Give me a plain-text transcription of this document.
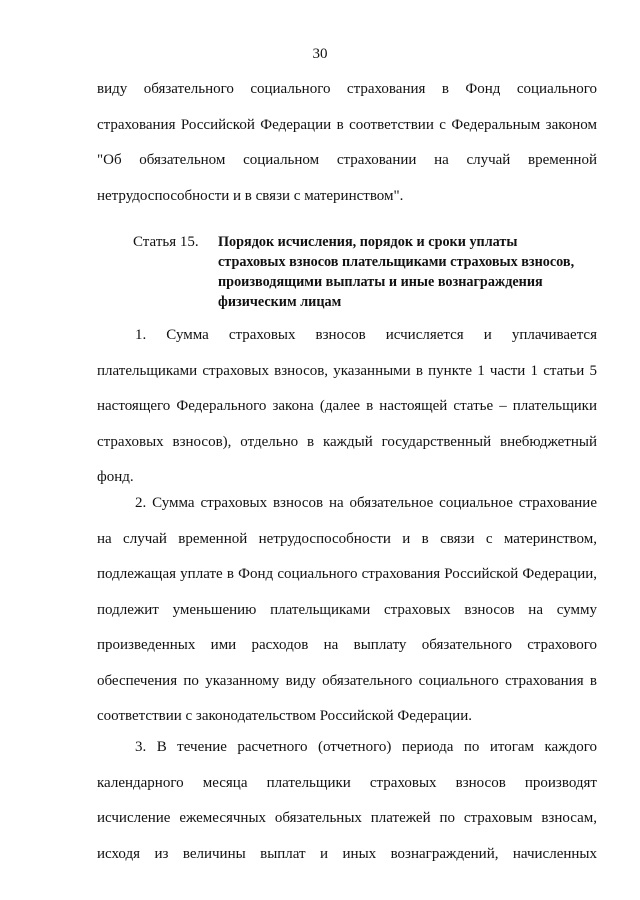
30
виду обязательного социального страхования в Фонд социального
страхования Российской Федерации в соответствии с Федеральным законом
"Об обязательном социальном страховании на случай временной
нетрудоспособности и в связи с материнством".
Статья 15. Порядок исчисления, порядок и сроки уплаты
страховых взносов плательщиками страховых взносов,
производящими выплаты и иные вознаграждения
физическим лицам
1. Сумма страховых взносов исчисляется и уплачивается
плательщиками страховых взносов, указанными в пункте 1 части 1 статьи 5
настоящего Федерального закона (далее в настоящей статье – плательщики
страховых взносов), отдельно в каждый государственный внебюджетный
фонд.
2. Сумма страховых взносов на обязательное социальное страхование
на случай временной нетрудоспособности и в связи с материнством,
подлежащая уплате в Фонд социального страхования Российской Федерации,
подлежит уменьшению плательщиками страховых взносов на сумму
произведенных ими расходов на выплату обязательного страхового
обеспечения по указанному виду обязательного социального страхования в
соответствии с законодательством Российской Федерации.
3. В течение расчетного (отчетного) периода по итогам каждого
календарного месяца плательщики страховых взносов производят
исчисление ежемесячных обязательных платежей по страховым взносам,
исходя из величины выплат и иных вознаграждений, начисленных
